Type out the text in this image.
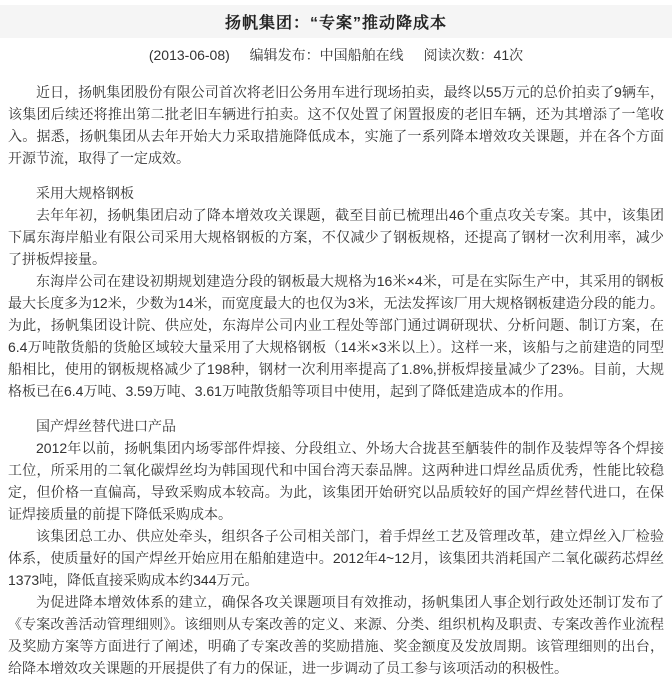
扬帆集团：“专案”推动降成本
(2013-06-08) 编辑发布：中国船舶在线 阅读次数：41次

近日，扬帆集团股份有限公司首次将老旧公务用车进行现场拍卖，最终以55万元的总价拍卖了9辆车，该集团后续还将推出第二批老旧车辆进行拍卖。这不仅处置了闲置报废的老旧车辆，还为其增添了一笔收入。据悉，扬帆集团从去年开始大力采取措施降低成本，实施了一系列降本增效攻关课题，并在各个方面开源节流，取得了一定成效。

采用大规格钢板

去年年初，扬帆集团启动了降本增效攻关课题，截至目前已梳理出46个重点攻关专案。其中，该集团下属东海岸船业有限公司采用大规格钢板的方案，不仅减少了钢板规格，还提高了钢材一次利用率，减少了拼板焊接量。

东海岸公司在建设初期规划建造分段的钢板最大规格为16米×4米，可是在实际生产中，其采用的钢板最大长度多为12米，少数为14米，而宽度最大的也仅为3米，无法发挥该厂用大规格钢板建造分段的能力。为此，扬帆集团设计院、供应处，东海岸公司内业工程处等部门通过调研现状、分析问题、制订方案，在6.4万吨散货船的货舱区域较大量采用了大规格钢板（14米×3米以上）。这样一来，该船与之前建造的同型船相比，使用的钢板规格减少了198种，钢材一次利用率提高了1.8%,拼板焊接量减少了23%。目前，大规格板已在6.4万吨、3.59万吨、3.61万吨散货船等项目中使用，起到了降低建造成本的作用。

国产焊丝替代进口产品

2012年以前，扬帆集团内场零部件焊接、分段组立、外场大合拢甚至舾装件的制作及装焊等各个焊接工位，所采用的二氧化碳焊丝均为韩国现代和中国台湾天泰品牌。这两种进口焊丝品质优秀，性能比较稳定，但价格一直偏高，导致采购成本较高。为此，该集团开始研究以品质较好的国产焊丝替代进口，在保证焊接质量的前提下降低采购成本。

该集团总工办、供应处牵头，组织各子公司相关部门，着手焊丝工艺及管理改革，建立焊丝入厂检验体系，使质量好的国产焊丝开始应用在船舶建造中。2012年4~12月，该集团共消耗国产二氧化碳药芯焊丝1373吨，降低直接采购成本约344万元。

为促进降本增效体系的建立，确保各攻关课题项目有效推动，扬帆集团人事企划行政处还制订发布了《专案改善活动管理细则》。该细则从专案改善的定义、来源、分类、组织机构及职责、专案改善作业流程及奖励方案等方面进行了阐述，明确了专案改善的奖励措施、奖金额度及发放周期。该管理细则的出台，给降本增效攻关课题的开展提供了有力的保证，进一步调动了员工参与该项活动的积极性。
